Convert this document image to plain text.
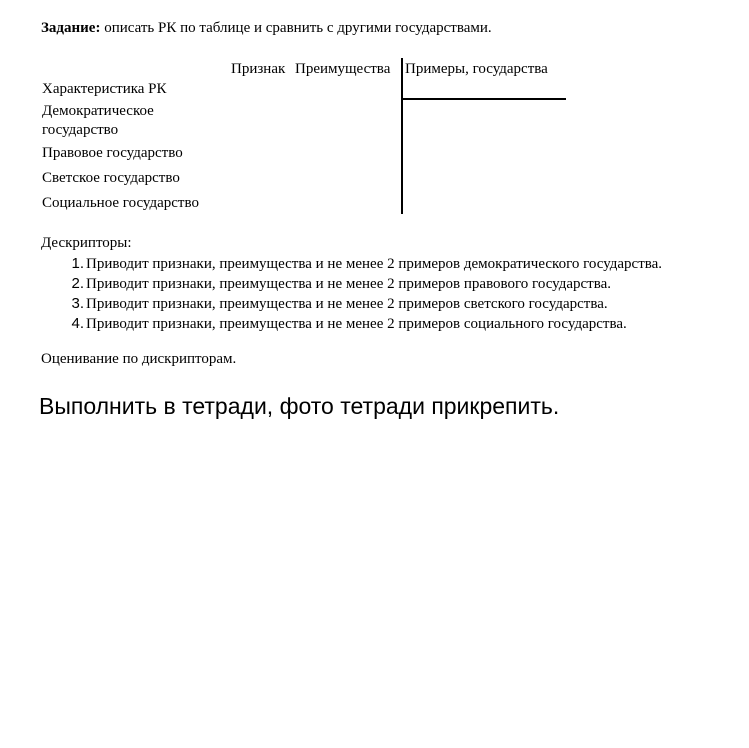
Задание: описать РК по таблице и сравнить с другими государствами.
Признак Преимущества Примеры, государства
Характеристика РК
Демократическое государство
Правовое государство
Светское государство
Социальное государство
Дескрипторы:
1. Приводит признаки, преимущества и не менее 2 примеров демократического государства.
2. Приводит признаки, преимущества и не менее 2 примеров правового государства.
3. Приводит признаки, преимущества и не менее 2 примеров светского государства.
4. Приводит признаки, преимущества и не менее 2 примеров социального государства.
Оценивание по дискрипторам.
Выполнить в тетради, фото тетради прикрепить.
